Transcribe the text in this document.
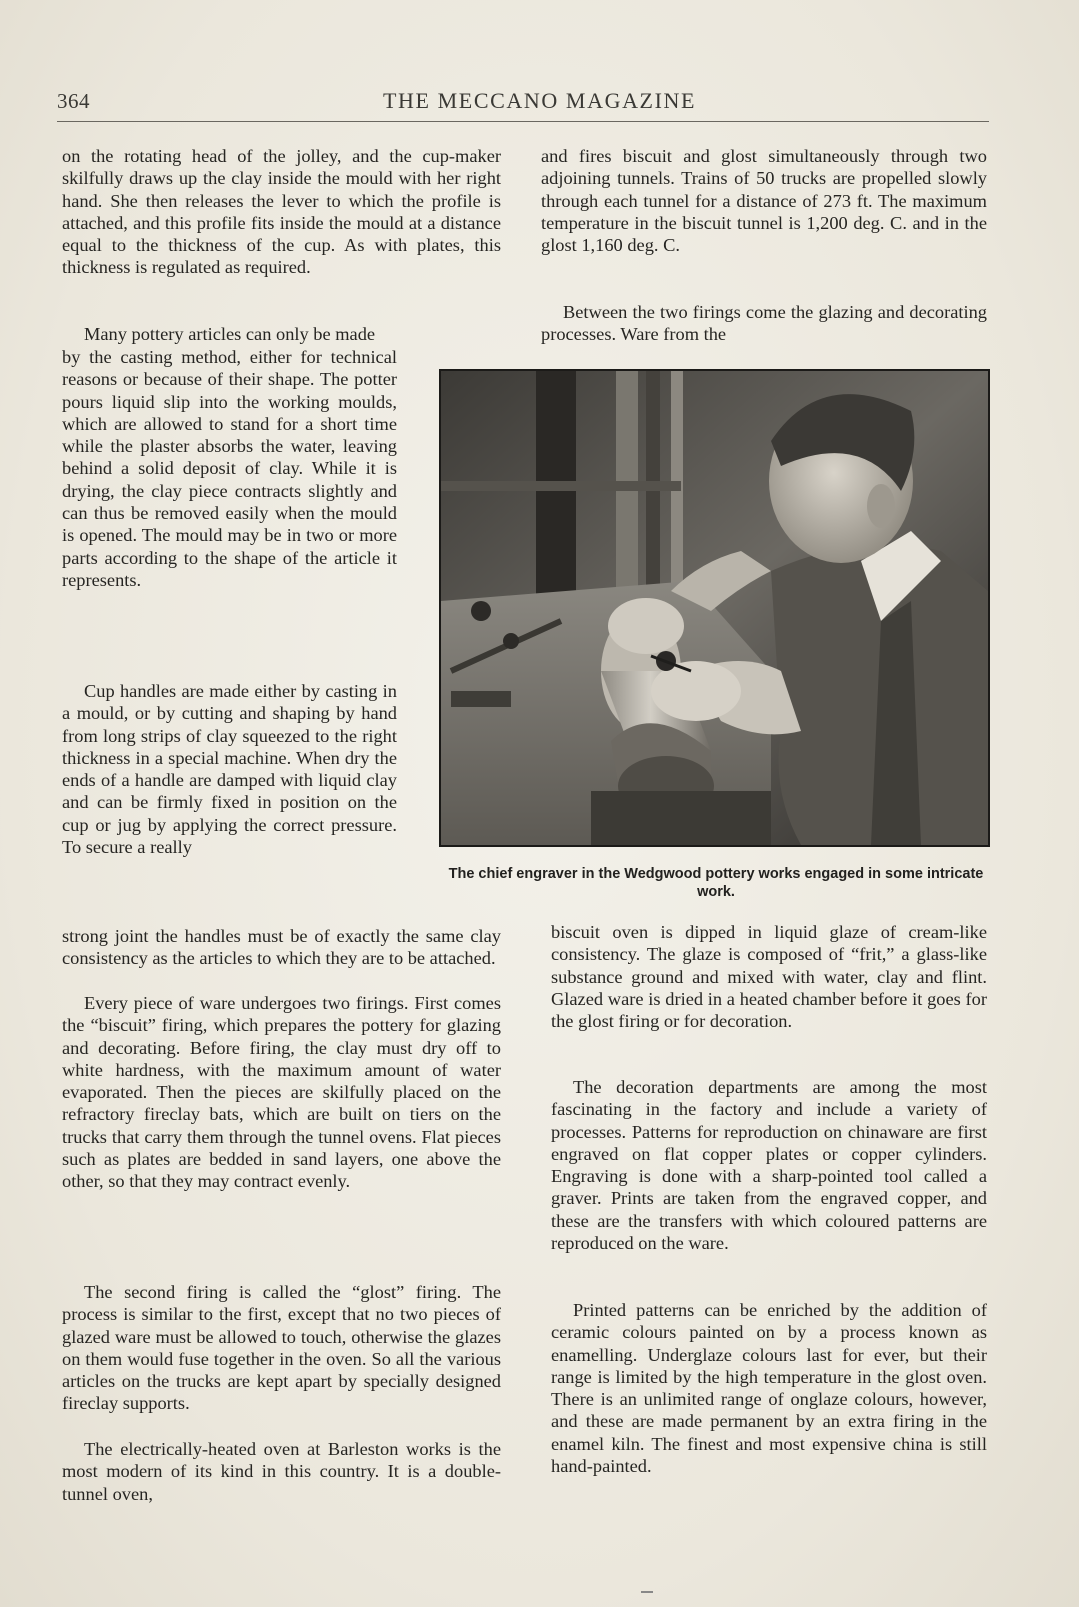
364	THE MECCANO MAGAZINE

on the rotating head of the jolley, and the cup-maker skilfully draws up the clay inside the mould with her right hand. She then releases the lever to which the profile is attached, and this profile fits inside the mould at a distance equal to the thickness of the cup. As with plates, this thickness is regulated as required.

Many pottery articles can only be made

by the casting method, either for technical reasons or because of their shape. The potter pours liquid slip into the working moulds, which are allowed to stand for a short time while the plaster absorbs the water, leaving behind a solid deposit of clay. While it is drying, the clay piece contracts slightly and can thus be removed easily when the mould is opened. The mould may be in two or more parts according to the shape of the article it represents.

Cup handles are made either by casting in a mould, or by cutting and shaping by hand from long strips of clay squeezed to the right thickness in a special machine. When dry the ends of a handle are damped with liquid clay and can be firmly fixed in position on the cup or jug by applying the correct pressure. To secure a really

strong joint the handles must be of exactly the same clay consistency as the articles to which they are to be attached.

Every piece of ware undergoes two firings. First comes the “biscuit” firing, which prepares the pottery for glazing and decorating. Before firing, the clay must dry off to white hardness, with the maximum amount of water evaporated. Then the pieces are skilfully placed on the refractory fireclay bats, which are built on tiers on the trucks that carry them through the tunnel ovens. Flat pieces such as plates are bedded in sand layers, one above the other, so that they may contract evenly.

The second firing is called the “glost” firing. The process is similar to the first, except that no two pieces of glazed ware must be allowed to touch, otherwise the glazes on them would fuse together in the oven. So all the various articles on the trucks are kept apart by specially designed fireclay supports.

The electrically-heated oven at Barleston works is the most modern of its kind in this country. It is a double-tunnel oven,

and fires biscuit and glost simultaneously through two adjoining tunnels. Trains of 50 trucks are propelled slowly through each tunnel for a distance of 273 ft. The maximum temperature in the biscuit tunnel is 1,200 deg. C. and in the glost 1,160 deg. C.

Between the two firings come the glazing and decorating processes. Ware from the

The chief engraver in the Wedgwood pottery works engaged in some intricate work.

biscuit oven is dipped in liquid glaze of cream-like consistency. The glaze is composed of “frit,” a glass-like substance ground and mixed with water, clay and flint. Glazed ware is dried in a heated chamber before it goes for the glost firing or for decoration.

The decoration departments are among the most fascinating in the factory and include a variety of processes. Patterns for reproduction on chinaware are first engraved on flat copper plates or copper cylinders. Engraving is done with a sharp-pointed tool called a graver. Prints are taken from the engraved copper, and these are the transfers with which coloured patterns are reproduced on the ware.

Printed patterns can be enriched by the addition of ceramic colours painted on by a process known as enamelling. Underglaze colours last for ever, but their range is limited by the high temperature in the glost oven. There is an unlimited range of onglaze colours, however, and these are made permanent by an extra firing in the enamel kiln. The finest and most expensive china is still hand-painted.
